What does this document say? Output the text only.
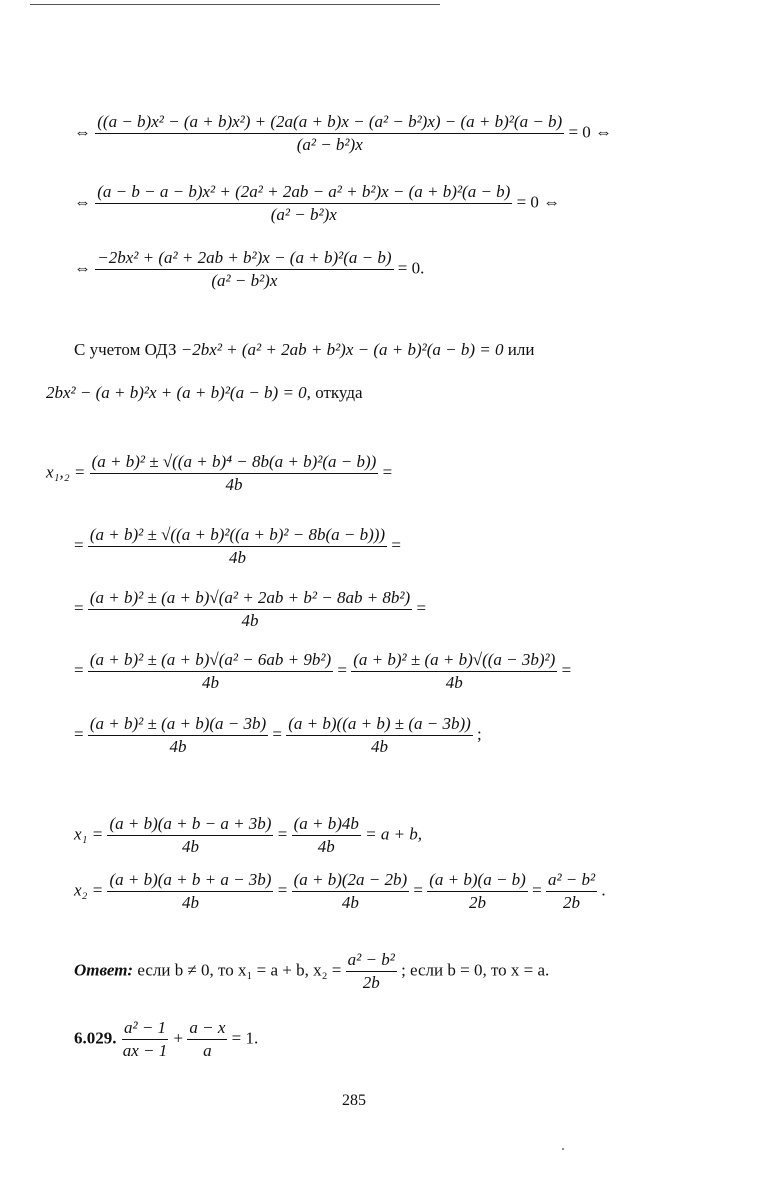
⇔
((a − b)x² − (a + b)x²) + (2a(a + b)x − (a² − b²)x) − (a + b)²(a − b)
(a² − b²)x
= 0 ⇔
⇔ $\frac{\text{(a − b − a − b)x² + (2a² + 2ab − a² + b²)x − (a + b)²(a − b)}}{\text{(a² − b²)x}} = 0$ ⇔
⇔ $\frac{\text{−2bx² + (a² + 2ab + b²)x − (a + b)²(a − b)}}{\text{(a² − b²)x}} = 0$.
С учетом ОДЗ −2bx² + (a² + 2ab + b²)x − (a + b)²(a − b) = 0 или
2bx² − (a + b)²x + (a + b)²(a − b) = 0, откуда
$x_1,_2 = \frac{\text{(a + b)² ± √((a + b)⁴ − 8b(a + b)²(a − b))}}{4b}$ =
= $\frac{\text{(a + b)² ± √((a + b)²((a + b)² − 8b(a − b)))}}{4b}$ =
= $\frac{\text{(a + b)² ± (a + b)√(a² + 2ab + b² − 8ab + 8b²)}}{4b}$ =
= $\frac{\text{(a + b)² ± (a + b)√(a² − 6ab + 9b²)}}{4b} = \frac{\text{(a + b)² ± (a + b)√((a − 3b)²)}}{4b}$ =
= $\frac{\text{(a + b)² ± (a + b)(a − 3b)}}{4b} = \frac{(a + b)((a + b) \pm (a - 3b))}{4b}$ ;
$x_1 = \frac{(a + b)(a + b - a + 3b)}{4b} = \frac{(a + b)4b}{4b} = a + b$,
$x_2 = \frac{(a + b)(a + b + a - 3b)}{4b} = \frac{(a + b)(2a - 2b)}{4b} = \frac{(a + b)(a - b)}{2b} = \frac{\text{a² − b²}}{2b}$ .
Ответ: если b ≠ 0, то x₁ = a + b, $x_2 = \frac{\text{a² − b²}}{2b}$ ; если b = 0, то x = a.
6.029. $\frac{\text{a² − 1}}{ax - 1} + \frac{a - x}{a} = 1$.
285
